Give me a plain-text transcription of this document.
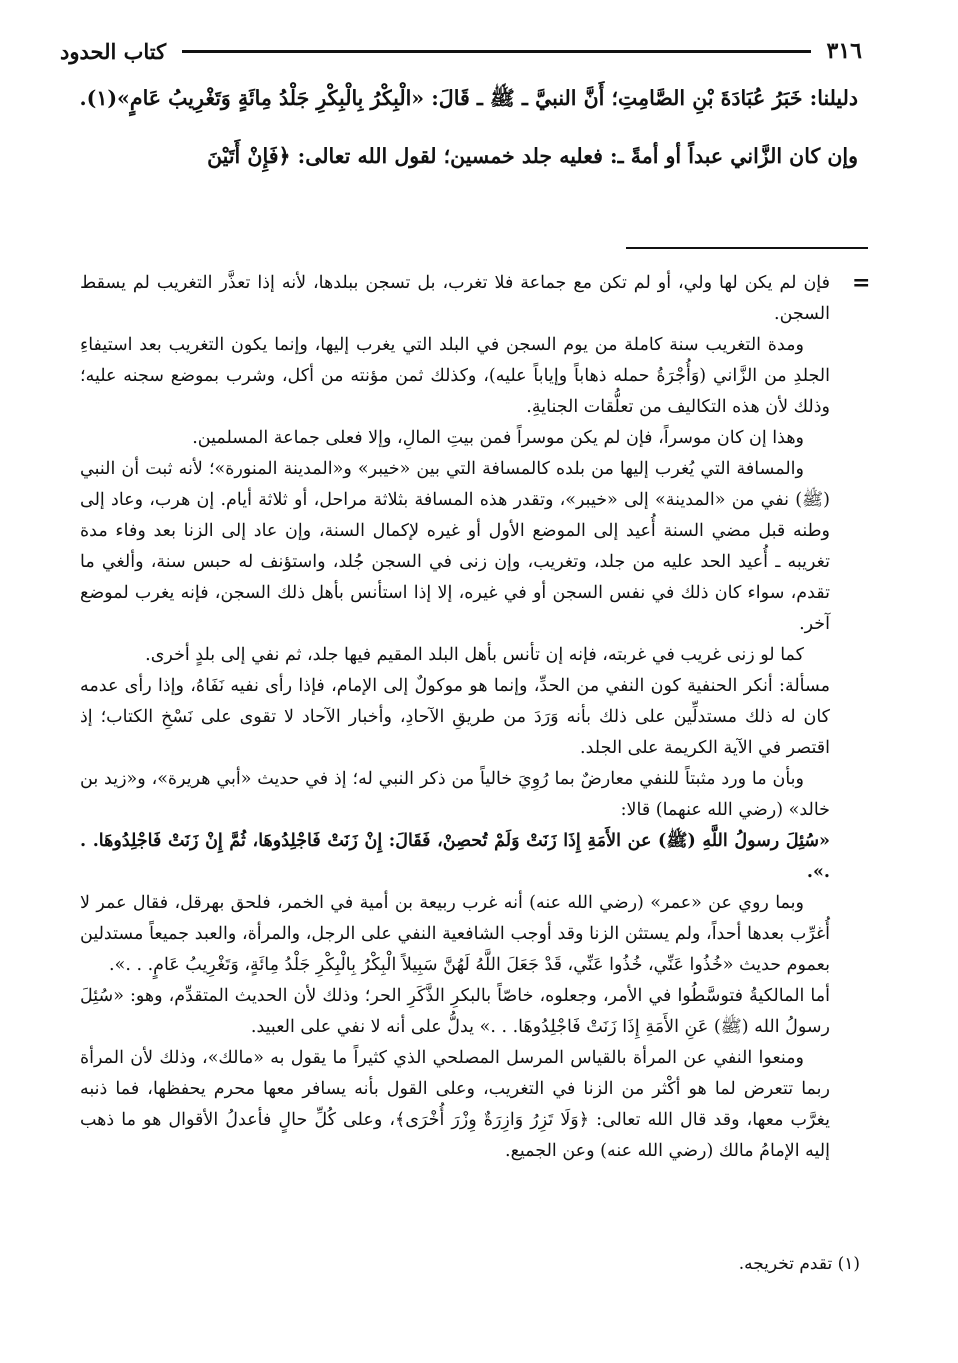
٣١٦
كتاب الحدود

دليلنا: خَبَرُ عُبَادَةَ بْنِ الصَّامِتِ؛ أَنَّ النبيَّ ـ ﷺ ـ قَالَ: «الْبِكْرُ بِالْبِكْرِ جَلْدُ مِائَةٍ وَتَغْرِيبُ عَامٍ»(١).

وإن كان الزَّاني عبداً أو أمةً ـ: فعليه جلد خمسين؛ لقول الله تعالى: ﴿فَإِنْ أَتَيْنَ

=

فإن لم يكن لها ولي، أو لم تكن مع جماعة فلا تغرب، بل تسجن ببلدها، لأنه إذا تعذَّر التغريب لم يسقط السجن.

ومدة التغريب سنة كاملة من يوم السجن في البلد التي يغرب إليها، وإنما يكون التغريب بعد استيفاءِ الجلدِ من الزَّاني (وَأُجْرَةُ حمله ذهاباً وإياباً عليه)، وكذلك ثمن مؤنته من أكل، وشرب بموضع سجنه عليه؛ وذلك لأن هذه التكاليف من تعلُّقات الجنايةِ.

وهذا إن كان موسراً، فإن لم يكن موسراً فمن بيتِ المالِ، وإلا فعلى جماعة المسلمين.

والمسافة التي يُغرب إليها من بلده كالمسافة التي بين «خيبر» و«المدينة المنورة»؛ لأنه ثبت أن النبي (ﷺ) نفي من «المدينة» إلى «خيبر»، وتقدر هذه المسافة بثلاثة مراحل، أو ثلاثة أيام. إن هرب، وعاد إلى وطنه قبل مضي السنة أُعيد إلى الموضع الأول أو غيره لإكمال السنة، وإن عاد إلى الزنا بعد وفاء مدة تغريبه ـ أُعيد الحد عليه من جلد، وتغريب، وإن زنى في السجن جُلد، واستؤنف له حبس سنة، وألغي ما تقدم، سواء كان ذلك في نفس السجن أو في غيره، إلا إذا استأنس بأهل ذلك السجن، فإنه يغرب لموضع آخر.

كما لو زنى غريب في غربته، فإنه إن تأنس بأهل البلد المقيم فيها جلد، ثم نفي إلى بلدٍ أخرى.

مسألة: أنكر الحنفية كون النفي من الحدِّ، وإنما هو موكولٌ إلى الإمام، فإذا رأى نفيه نَفَاهُ، وإذا رأى عدمه كان له ذلك مستدلِّين على ذلك بأنه وَرَدَ من طريقِ الآحادِ، وأخبار الآحاد لا تقوى على نَسْخِ الكتاب؛ إذ اقتصر في الآية الكريمة على الجلد.

وبأن ما ورد مثبتاً للنفي معارضٌ بما رُوِيَ خالياً من ذكر النبي له؛ إذ في حديث «أبي هريرة»، و«زيد بن خالد» (رضي الله عنهما) قالا:

«سُئِلَ رسولُ اللَّهِ (ﷺ) عن الأَمَةِ إِذَا زَنَتْ وَلَمْ تُحصِنْ، فَقَالَ: إِنْ زَنَتْ فَاجْلِدُوهَا، ثُمَّ إِنْ زَنَتْ فَاجْلِدُوهَا. . .».

وبما روي عن «عمر» (رضي الله عنه) أنه غرب ربيعة بن أمية في الخمر، فلحق بهرقل، فقال عمر لا أُغرِّب بعدها أحداً، ولم يستثن الزنا وقد أوجب الشافعية النفي على الرجل، والمرأة، والعبد جميعاً مستدلين بعموم حديث «خُذُوا عَنِّي، خُذُوا عَنِّي، قَدْ جَعَلَ اللَّهُ لَهُنَّ سَبِيلاً الْبِكْرُ بِالْبِكْرِ جَلْدُ مِائَةٍ، وَتَغْرِيبُ عَامٍ. . .».

أما المالكيةُ فتوسَّطُوا في الأمر، وجعلوه، خاصّاً بالبكرِ الذَّكَرِ الحر؛ وذلك لأن الحديث المتقدِّم، وهو: «سُئِلَ رسولُ الله (ﷺ) عَنِ الأَمَةِ إِذَا زَنَتْ فَاجْلِدُوهَا. . .» يدلُّ على أنه لا نفي على العبيد.

ومنعوا النفي عن المرأة بالقياس المرسل المصلحي الذي كثيراً ما يقول به «مالك»، وذلك لأن المرأة ربما تتعرض لما هو أكْثر من الزنا في التغريب، وعلى القول بأنه يسافر معها محرم يحفظها، فما ذنبه يغرَّب معها، وقد قال الله تعالى: ﴿وَلَا تَزِرُ وَازِرَةٌ وِزْرَ أُخْرَى﴾، وعلى كُلِّ حالٍ فأعدلُ الأقوال هو ما ذهب إليه الإمامُ مالك (رضي الله عنه) وعن الجميع.

(١) تقدم تخريجه.
